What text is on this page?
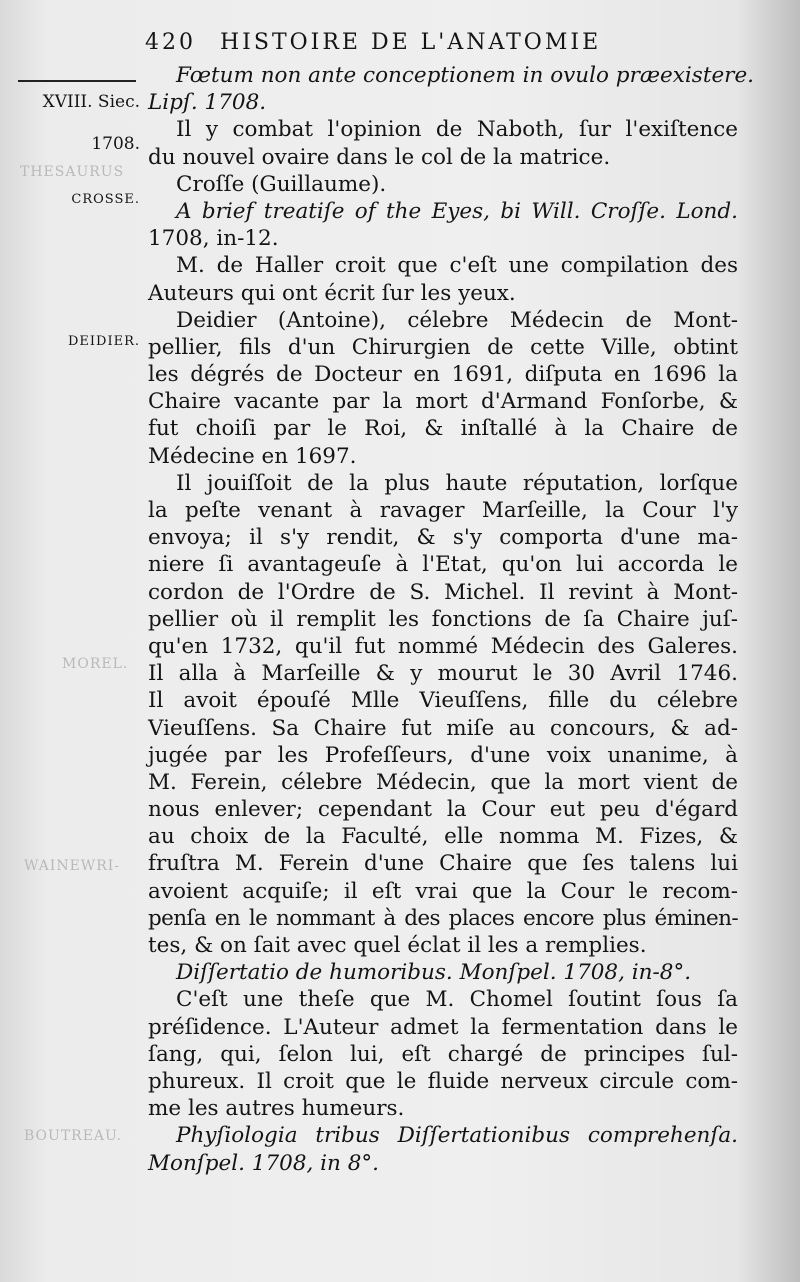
420 HISTOIRE DE L'ANATOMIE
XVIII. Siec.
1708.
CROSSE.
DEIDIER.
THESAURUS
MOREL.
WAINEWRI-
BOUTREAU.
Fœtum non ante conceptionem in ovulo præexistere.
Lipſ. 1708.
Il y combat l'opinion de Naboth, ſur l'exiſtence
du nouvel ovaire dans le col de la matrice.
Croſſe (Guillaume).
A brief treatiſe of the Eyes, bi Will. Croſſe. Lond.
1708, in-12.
M. de Haller croit que c'eſt une compilation des
Auteurs qui ont écrit ſur les yeux.
Deidier (Antoine), célebre Médecin de Mont-
pellier, fils d'un Chirurgien de cette Ville, obtint
les dégrés de Docteur en 1691, diſputa en 1696 la
Chaire vacante par la mort d'Armand Fonſorbe, &
fut choiſi par le Roi, & inſtallé à la Chaire de
Médecine en 1697.
Il jouiſſoit de la plus haute réputation, lorſque
la peſte venant à ravager Marſeille, la Cour l'y
envoya; il s'y rendit, & s'y comporta d'une ma-
niere ſi avantageuſe à l'Etat, qu'on lui accorda le
cordon de l'Ordre de S. Michel. Il revint à Mont-
pellier où il remplit les fonctions de ſa Chaire juſ-
qu'en 1732, qu'il fut nommé Médecin des Galeres.
Il alla à Marſeille & y mourut le 30 Avril 1746.
Il avoit épouſé Mlle Vieuſſens, fille du célebre
Vieuſſens. Sa Chaire fut miſe au concours, & ad-
jugée par les Profeſſeurs, d'une voix unanime, à
M. Ferein, célebre Médecin, que la mort vient de
nous enlever; cependant la Cour eut peu d'égard
au choix de la Faculté, elle nomma M. Fizes, &
fruſtra M. Ferein d'une Chaire que ſes talens lui
avoient acquiſe; il eſt vrai que la Cour le recom-
penſa en le nommant à des places encore plus éminen-
tes, & on ſait avec quel éclat il les a remplies.
Diſſertatio de humoribus. Monſpel. 1708, in-8°.
C'eſt une theſe que M. Chomel ſoutint ſous ſa
préſidence. L'Auteur admet la fermentation dans le
ſang, qui, ſelon lui, eſt chargé de principes ſul-
phureux. Il croit que le fluide nerveux circule com-
me les autres humeurs.
Phyſiologia tribus Diſſertationibus comprehenſa.
Monſpel. 1708, in 8°.
